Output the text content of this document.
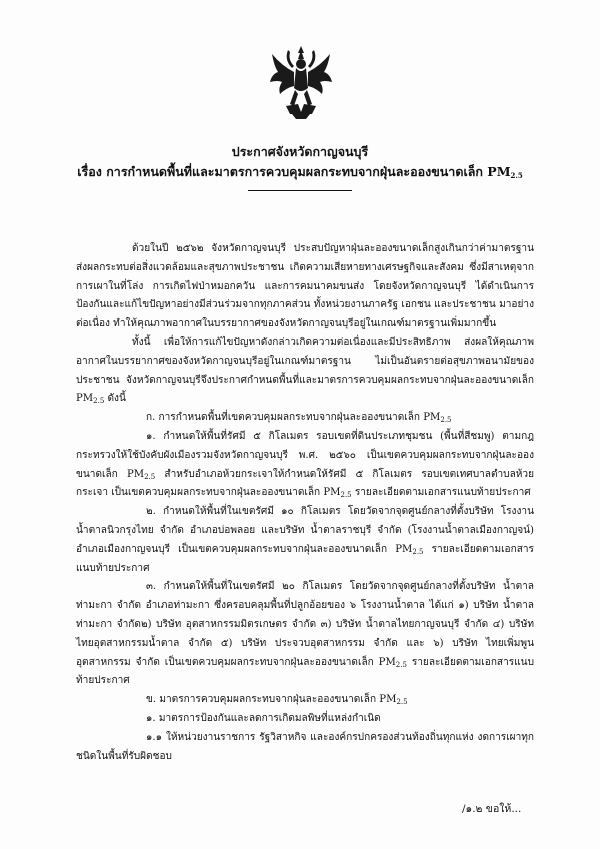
ประกาศจังหวัดกาญจนบุรี
เรื่อง การกำหนดพื้นที่และมาตรการควบคุมผลกระทบจากฝุ่นละอองขนาดเล็ก $PM_{2.5}$

ด้วยในปี ๒๕๖๒ จังหวัดกาญจนบุรี ประสบปัญหาฝุ่นละอองขนาดเล็กสูงเกินกว่าค่ามาตรฐาน ส่งผลกระทบต่อสิ่งแวดล้อมและสุขภาพประชาชน เกิดความเสียหายทางเศรษฐกิจและสังคม ซึ่งมีสาเหตุจากการเผาในที่โล่ง การเกิดไฟป่าหมอกควัน และการคมนาคมขนส่ง โดยจังหวัดกาญจนบุรี ได้ดำเนินการป้องกันและแก้ไขปัญหาอย่างมีส่วนร่วมจากทุกภาคส่วน ทั้งหน่วยงานภาครัฐ เอกชน และประชาชน มาอย่างต่อเนื่อง ทำให้คุณภาพอากาศในบรรยากาศของจังหวัดกาญจนบุรีอยู่ในเกณฑ์มาตรฐานเพิ่มมากขึ้น

ทั้งนี้ เพื่อให้การแก้ไขปัญหาดังกล่าวเกิดความต่อเนื่องและมีประสิทธิภาพ ส่งผลให้คุณภาพอากาศในบรรยากาศของจังหวัดกาญจนบุรีอยู่ในเกณฑ์มาตรฐาน ไม่เป็นอันตรายต่อสุขภาพอนามัยของประชาชน จังหวัดกาญจนบุรีจึงประกาศกำหนดพื้นที่และมาตรการควบคุมผลกระทบจากฝุ่นละอองขนาดเล็ก $PM_{2.5}$ ดังนี้

ก. การกำหนดพื้นที่เขตควบคุมผลกระทบจากฝุ่นละอองขนาดเล็ก $PM_{2.5}$

๑. กำหนดให้พื้นที่รัศมี ๕ กิโลเมตร รอบเขตที่ดินประเภทชุมชน (พื้นที่สีชมพู) ตามกฎกระทรวงให้ใช้บังคับผังเมืองรวมจังหวัดกาญจนบุรี พ.ศ. ๒๕๖๐ เป็นเขตควบคุมผลกระทบจากฝุ่นละอองขนาดเล็ก $PM_{2.5}$ สำหรับอำเภอห้วยกระเจาให้กำหนดให้รัศมี ๕ กิโลเมตร รอบเขตเทศบาลตำบลห้วยกระเจา เป็นเขตควบคุมผลกระทบจากฝุ่นละอองขนาดเล็ก $PM_{2.5}$ รายละเอียดตามเอกสารแนบท้ายประกาศ

๒. กำหนดให้พื้นที่ในเขตรัศมี ๑๐ กิโลเมตร โดยวัดจากจุดศูนย์กลางที่ตั้งบริษัท โรงงานน้ำตาลนิวกรุงไทย จำกัด อำเภอบ่อพลอย และบริษัท น้ำตาลราชบุรี จำกัด (โรงงานน้ำตาลเมืองกาญจน์) อำเภอเมืองกาญจนบุรี เป็นเขตควบคุมผลกระทบจากฝุ่นละอองขนาดเล็ก $PM_{2.5}$ รายละเอียดตามเอกสารแนบท้ายประกาศ

๓. กำหนดให้พื้นที่ในเขตรัศมี ๒๐ กิโลเมตร โดยวัดจากจุดศูนย์กลางที่ตั้งบริษัท น้ำตาลท่ามะกา จำกัด อำเภอท่ามะกา ซึ่งครอบคลุมพื้นที่ปลูกอ้อยของ ๖ โรงงานน้ำตาล ได้แก่ ๑) บริษัท น้ำตาลท่ามะกา จำกัด๒) บริษัท อุตสาหกรรมมิตรเกษตร จำกัด ๓) บริษัท น้ำตาลไทยกาญจนบุรี จำกัด ๔) บริษัท ไทยอุตสาหกรรมน้ำตาล จำกัด ๕) บริษัท ประจวบอุตสาหกรรม จำกัด และ ๖) บริษัท ไทยเพิ่มพูนอุตสาหกรรม จำกัด เป็นเขตควบคุมผลกระทบจากฝุ่นละอองขนาดเล็ก $PM_{2.5}$ รายละเอียดตามเอกสารแนบท้ายประกาศ

ข. มาตรการควบคุมผลกระทบจากฝุ่นละอองขนาดเล็ก $PM_{2.5}$

๑. มาตรการป้องกันและลดการเกิดมลพิษที่แหล่งกำเนิด

๑.๑ ให้หน่วยงานราชการ รัฐวิสาหกิจ และองค์กรปกครองส่วนท้องถิ่นทุกแห่ง งดการเผาทุกชนิดในพื้นที่รับผิดชอบ

/๑.๒ ขอให้...
